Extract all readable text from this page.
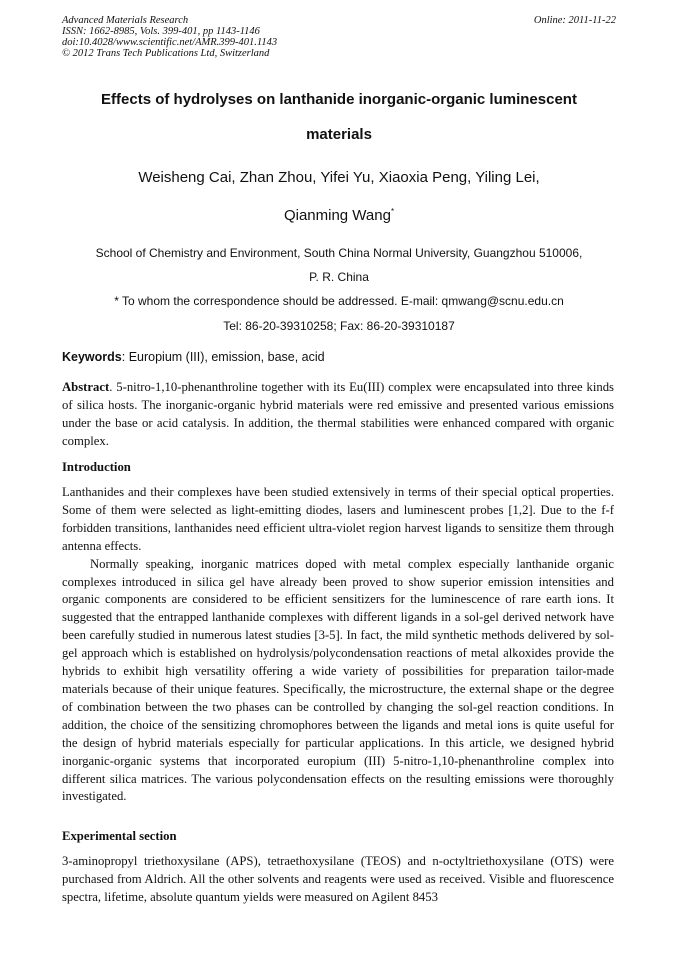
Advanced Materials Research
ISSN: 1662-8985, Vols. 399-401, pp 1143-1146
doi:10.4028/www.scientific.net/AMR.399-401.1143
© 2012 Trans Tech Publications Ltd, Switzerland
Online: 2011-11-22
Effects of hydrolyses on lanthanide inorganic-organic luminescent
materials
Weisheng Cai, Zhan Zhou, Yifei Yu, Xiaoxia Peng, Yiling Lei,
Qianming Wang*
School of Chemistry and Environment, South China Normal University, Guangzhou 510006,
P. R. China
* To whom the correspondence should be addressed. E-mail: qmwang@scnu.edu.cn
Tel: 86-20-39310258; Fax: 86-20-39310187
Keywords: Europium (III), emission, base, acid

Abstract. 5-nitro-1,10-phenanthroline together with its Eu(III) complex were encapsulated into three kinds of silica hosts. The inorganic-organic hybrid materials were red emissive and presented various emissions under the base or acid catalysis. In addition, the thermal stabilities were enhanced compared with organic complex.

Introduction

Lanthanides and their complexes have been studied extensively in terms of their special optical properties. Some of them were selected as light-emitting diodes, lasers and luminescent probes [1,2]. Due to the f-f forbidden transitions, lanthanides need efficient ultra-violet region harvest ligands to sensitize them through antenna effects.

Normally speaking, inorganic matrices doped with metal complex especially lanthanide organic complexes introduced in silica gel have already been proved to show superior emission intensities and organic components are considered to be efficient sensitizers for the luminescence of rare earth ions. It suggested that the entrapped lanthanide complexes with different ligands in a sol-gel derived network have been carefully studied in numerous latest studies [3-5]. In fact, the mild synthetic methods delivered by sol-gel approach which is established on hydrolysis/polycondensation reactions of metal alkoxides provide the hybrids to exhibit high versatility offering a wide variety of possibilities for preparation tailor-made materials because of their unique features. Specifically, the microstructure, the external shape or the degree of combination between the two phases can be controlled by changing the sol-gel reaction conditions. In addition, the choice of the sensitizing chromophores between the ligands and metal ions is quite useful for the design of hybrid materials especially for particular applications. In this article, we designed hybrid inorganic-organic systems that incorporated europium (III) 5-nitro-1,10-phenanthroline complex into different silica matrices. The various polycondensation effects on the resulting emissions were thoroughly investigated.

Experimental section
3-aminopropyl triethoxysilane (APS), tetraethoxysilane (TEOS) and n-octyltriethoxysilane (OTS) were purchased from Aldrich. All the other solvents and reagents were used as received. Visible and fluorescence spectra, lifetime, absolute quantum yields were measured on Agilent 8453
